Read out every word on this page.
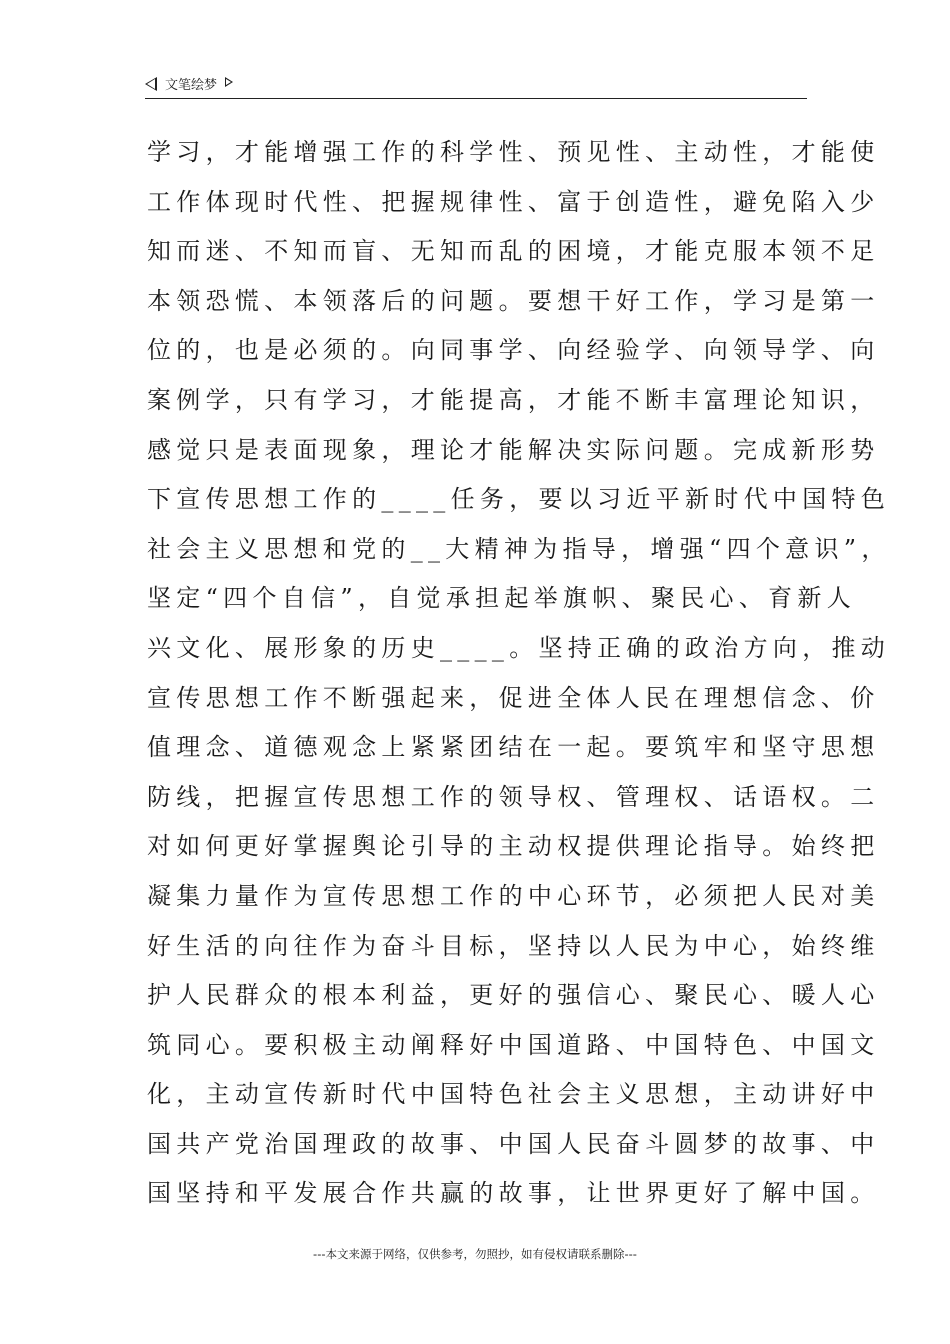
文笔绘梦
学习，才能增强工作的科学性、预见性、主动性，才能使
工作体现时代性、把握规律性、富于创造性，避免陷入少
知而迷、不知而盲、无知而乱的困境，才能克服本领不足
本领恐慌、本领落后的问题。要想干好工作，学习是第一
位的，也是必须的。向同事学、向经验学、向领导学、向
案例学，只有学习，才能提高，才能不断丰富理论知识，
感觉只是表面现象，理论才能解决实际问题。完成新形势
下宣传思想工作的____任务，要以习近平新时代中国特色
社会主义思想和党的__大精神为指导，增强“四个意识”，
坚定“四个自信”，自觉承担起举旗帜、聚民心、育新人
兴文化、展形象的历史____。坚持正确的政治方向，推动
宣传思想工作不断强起来，促进全体人民在理想信念、价
值理念、道德观念上紧紧团结在一起。要筑牢和坚守思想
防线，把握宣传思想工作的领导权、管理权、话语权。二
对如何更好掌握舆论引导的主动权提供理论指导。始终把
凝集力量作为宣传思想工作的中心环节，必须把人民对美
好生活的向往作为奋斗目标，坚持以人民为中心，始终维
护人民群众的根本利益，更好的强信心、聚民心、暖人心
筑同心。要积极主动阐释好中国道路、中国特色、中国文
化，主动宣传新时代中国特色社会主义思想，主动讲好中
国共产党治国理政的故事、中国人民奋斗圆梦的故事、中
国坚持和平发展合作共赢的故事，让世界更好了解中国。
---本文来源于网络，仅供参考，勿照抄，如有侵权请联系删除---
